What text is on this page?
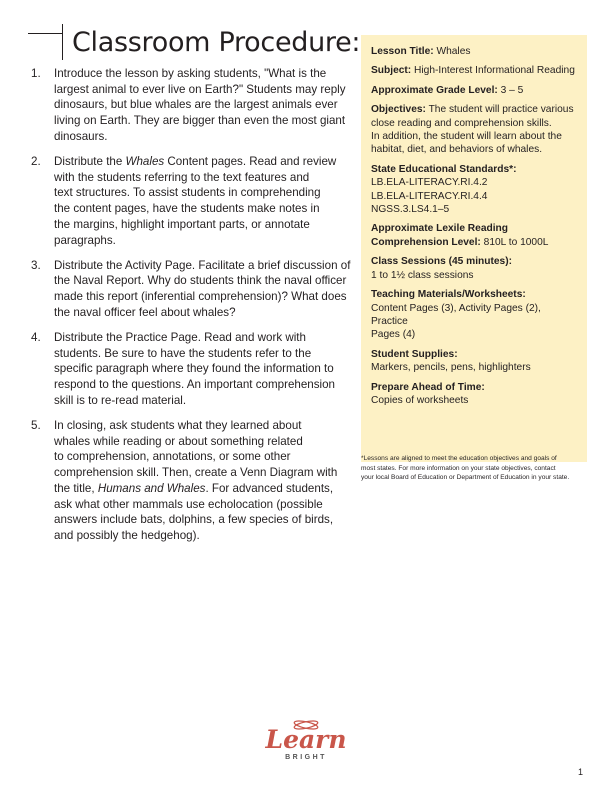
Classroom Procedure:
1. Introduce the lesson by asking students, "What is the
largest animal to ever live on Earth?" Students may reply
dinosaurs, but blue whales are the largest animals ever
living on Earth. They are bigger than even the most giant
dinosaurs.
2. Distribute the Whales Content pages. Read and review
with the students referring to the text features and
text structures. To assist students in comprehending
the content pages, have the students make notes in
the margins, highlight important parts, or annotate
paragraphs.
3. Distribute the Activity Page. Facilitate a brief discussion of
the Naval Report. Why do students think the naval officer
made this report (inferential comprehension)? What does
the naval officer feel about whales?
4. Distribute the Practice Page. Read and work with
students. Be sure to have the students refer to the
specific paragraph where they found the information to
respond to the questions. An important comprehension
skill is to re-read material.
5. In closing, ask students what they learned about
whales while reading or about something related
to comprehension, annotations, or some other
comprehension skill. Then, create a Venn Diagram with
the title, Humans and Whales. For advanced students,
ask what other mammals use echolocation (possible
answers include bats, dolphins, a few species of birds,
and possibly the hedgehog).
Lesson Title: Whales
Subject: High-Interest Informational Reading
Approximate Grade Level: 3 – 5
Objectives: The student will practice various
close reading and comprehension skills.
In addition, the student will learn about the
habitat, diet, and behaviors of whales.
State Educational Standards*:
LB.ELA-LITERACY.RI.4.2
LB.ELA-LITERACY.RI.4.4
NGSS.3.LS4.1–5
Approximate Lexile Reading
Comprehension Level: 810L to 1000L
Class Sessions (45 minutes):
1 to 1½ class sessions
Teaching Materials/Worksheets:
Content Pages (3), Activity Pages (2), Practice
Pages (4)
Student Supplies:
Markers, pencils, pens, highlighters
Prepare Ahead of Time:
Copies of worksheets
*Lessons are aligned to meet the education objectives and goals of
most states. For more information on your state objectives, contact
your local Board of Education or Department of Education in your state.
Learn
BRIGHT
1
